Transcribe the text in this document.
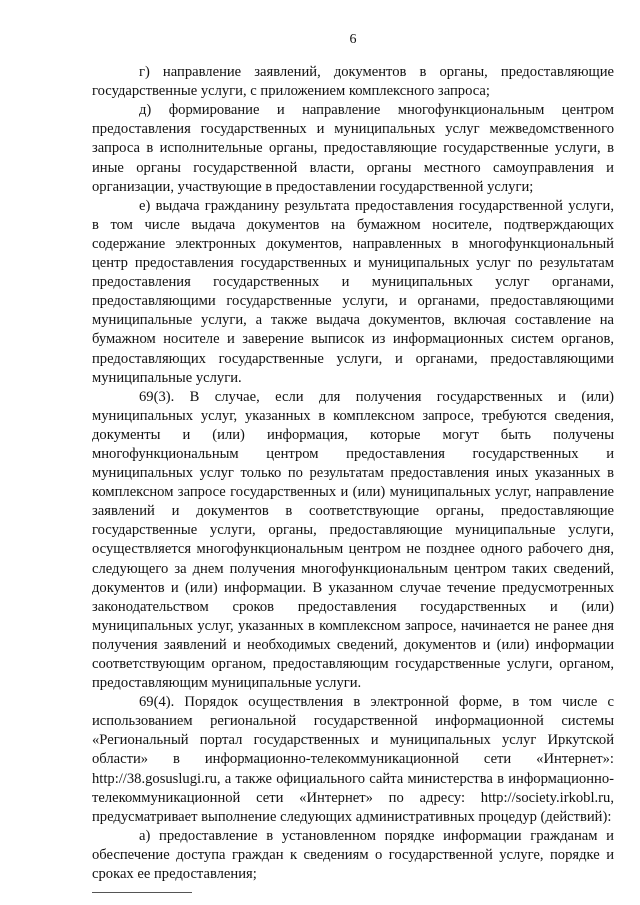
6

г) направление заявлений, документов в органы, предоставляющие государственные услуги, с приложением комплексного запроса;

д) формирование и направление многофункциональным центром предоставления государственных и муниципальных услуг межведомственного запроса в исполнительные органы, предоставляющие государственные услуги, в иные органы государственной власти, органы местного самоуправления и организации, участвующие в предоставлении государственной услуги;

е) выдача гражданину результата предоставления государственной услуги, в том числе выдача документов на бумажном носителе, подтверждающих содержание электронных документов, направленных в многофункциональный центр предоставления государственных и муниципальных услуг по результатам предоставления государственных и муниципальных услуг органами, предоставляющими государственные услуги, и органами, предоставляющими муниципальные услуги, а также выдача документов, включая составление на бумажном носителе и заверение выписок из информационных систем органов, предоставляющих государственные услуги, и органами, предоставляющими муниципальные услуги.

69(3). В случае, если для получения государственных и (или) муниципальных услуг, указанных в комплексном запросе, требуются сведения, документы и (или) информация, которые могут быть получены многофункциональным центром предоставления государственных и муниципальных услуг только по результатам предоставления иных указанных в комплексном запросе государственных и (или) муниципальных услуг, направление заявлений и документов в соответствующие органы, предоставляющие государственные услуги, органы, предоставляющие муниципальные услуги, осуществляется многофункциональным центром не позднее одного рабочего дня, следующего за днем получения многофункциональным центром таких сведений, документов и (или) информации. В указанном случае течение предусмотренных законодательством сроков предоставления государственных и (или) муниципальных услуг, указанных в комплексном запросе, начинается не ранее дня получения заявлений и необходимых сведений, документов и (или) информации соответствующим органом, предоставляющим государственные услуги, органом, предоставляющим муниципальные услуги.

69(4). Порядок осуществления в электронной форме, в том числе с использованием региональной государственной информационной системы «Региональный портал государственных и муниципальных услуг Иркутской области» в информационно-телекоммуникационной сети «Интернет»: http://38.gosuslugi.ru, а также официального сайта министерства в информационно-телекоммуникационной сети «Интернет» по адресу: http://society.irkobl.ru, предусматривает выполнение следующих административных процедур (действий):

а) предоставление в установленном порядке информации гражданам и обеспечение доступа граждан к сведениям о государственной услуге, порядке и сроках ее предоставления;
